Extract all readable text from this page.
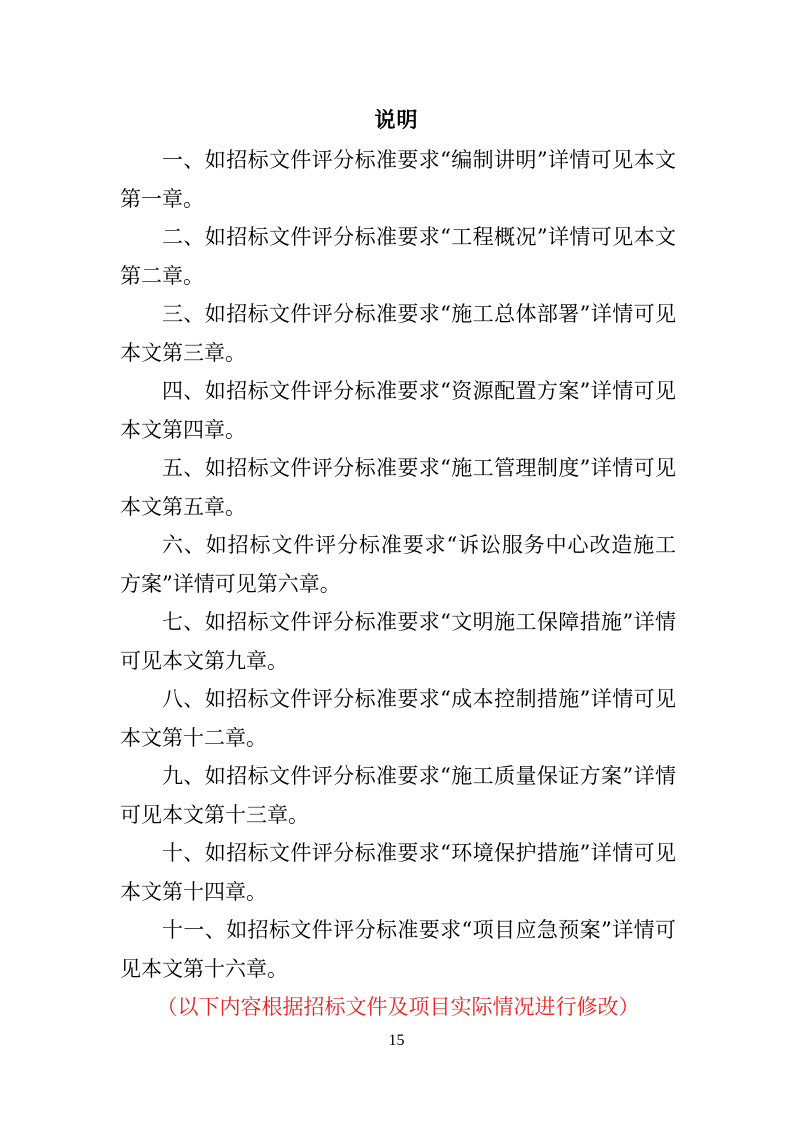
说明

一、如招标文件评分标准要求“编制讲明”详情可见本文第一章。

二、如招标文件评分标准要求“工程概况”详情可见本文第二章。

三、如招标文件评分标准要求“施工总体部署”详情可见本文第三章。

四、如招标文件评分标准要求“资源配置方案”详情可见本文第四章。

五、如招标文件评分标准要求“施工管理制度”详情可见本文第五章。

六、如招标文件评分标准要求“诉讼服务中心改造施工方案”详情可见第六章。

七、如招标文件评分标准要求“文明施工保障措施”详情可见本文第九章。

八、如招标文件评分标准要求“成本控制措施”详情可见本文第十二章。

九、如招标文件评分标准要求“施工质量保证方案”详情可见本文第十三章。

十、如招标文件评分标准要求“环境保护措施”详情可见本文第十四章。

十一、如招标文件评分标准要求“项目应急预案”详情可见本文第十六章。

（以下内容根据招标文件及项目实际情况进行修改）

15
